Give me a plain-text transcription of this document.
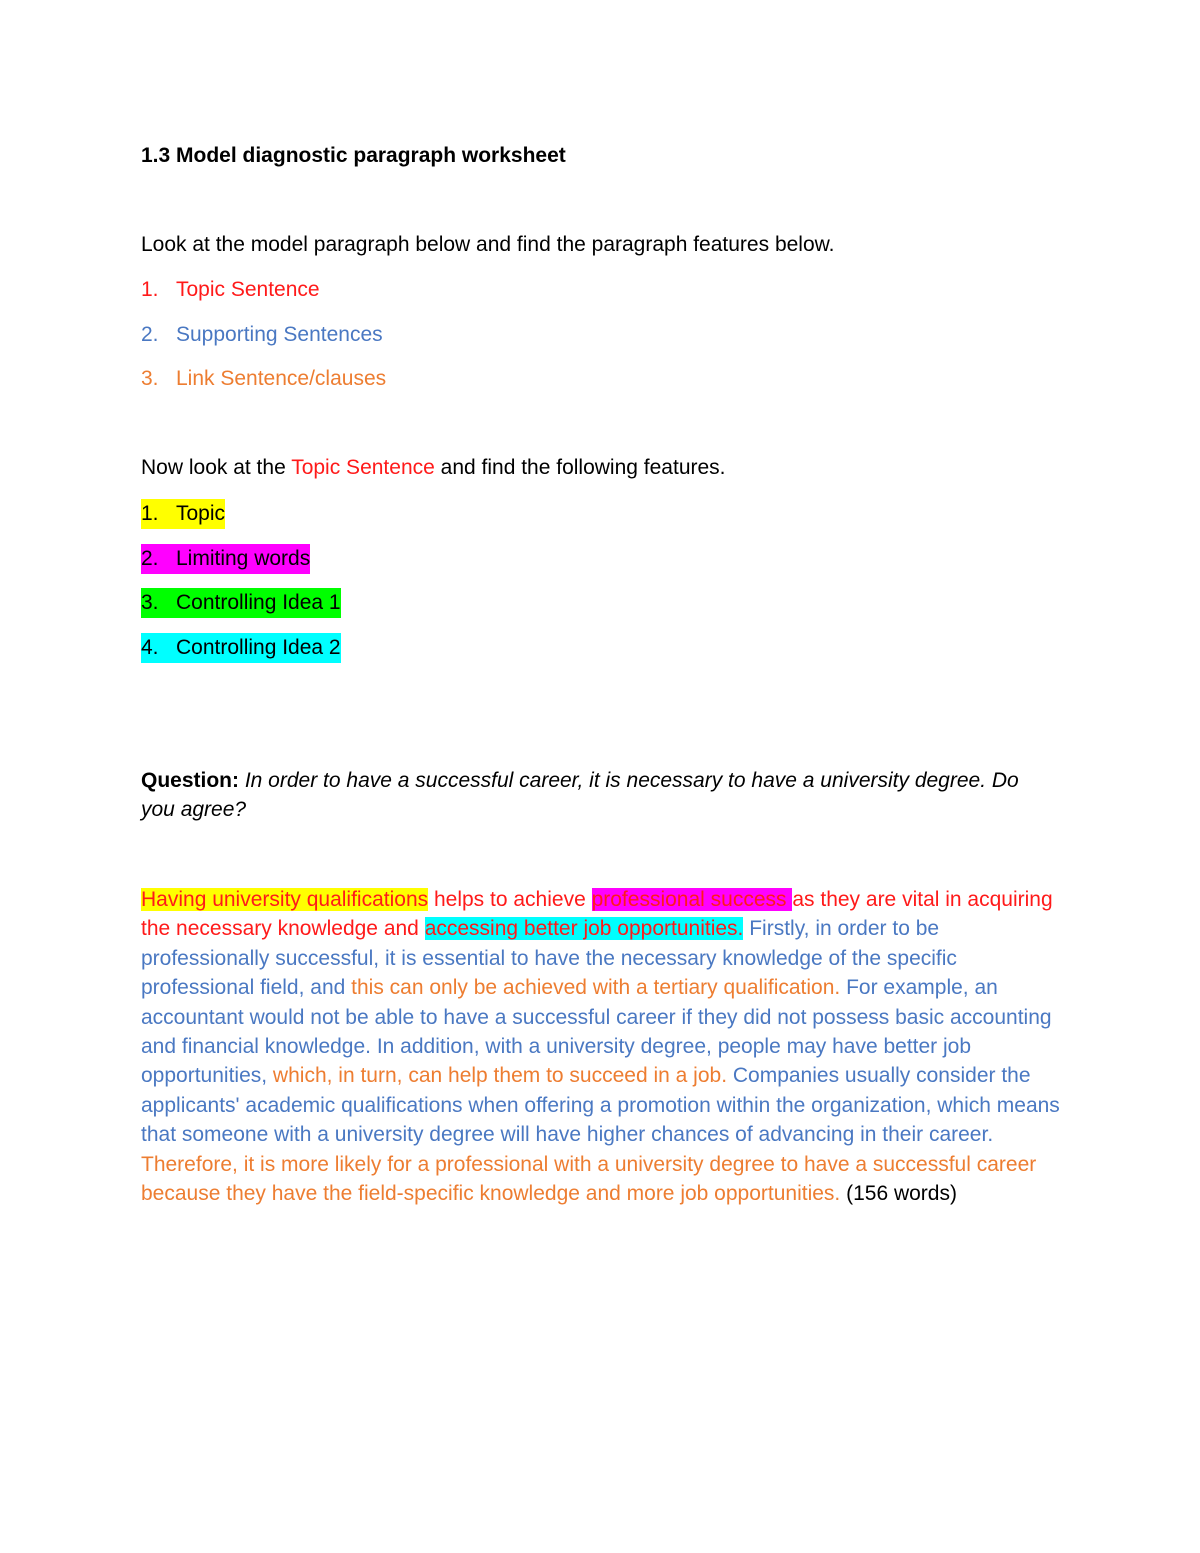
1.3 Model diagnostic paragraph worksheet

Look at the model paragraph below and find the paragraph features below.

1. Topic Sentence
2. Supporting Sentences
3. Link Sentence/clauses

Now look at the Topic Sentence and find the following features.

1. Topic
2. Limiting words
3. Controlling Idea 1
4. Controlling Idea 2

Question: In order to have a successful career, it is necessary to have a university degree. Do you agree?

Having university qualifications helps to achieve professional success as they are vital in acquiring the necessary knowledge and accessing better job opportunities. Firstly, in order to be professionally successful, it is essential to have the necessary knowledge of the specific professional field, and this can only be achieved with a tertiary qualification. For example, an accountant would not be able to have a successful career if they did not possess basic accounting and financial knowledge. In addition, with a university degree, people may have better job opportunities, which, in turn, can help them to succeed in a job. Companies usually consider the applicants' academic qualifications when offering a promotion within the organization, which means that someone with a university degree will have higher chances of advancing in their career. Therefore, it is more likely for a professional with a university degree to have a successful career because they have the field-specific knowledge and more job opportunities. (156 words)
